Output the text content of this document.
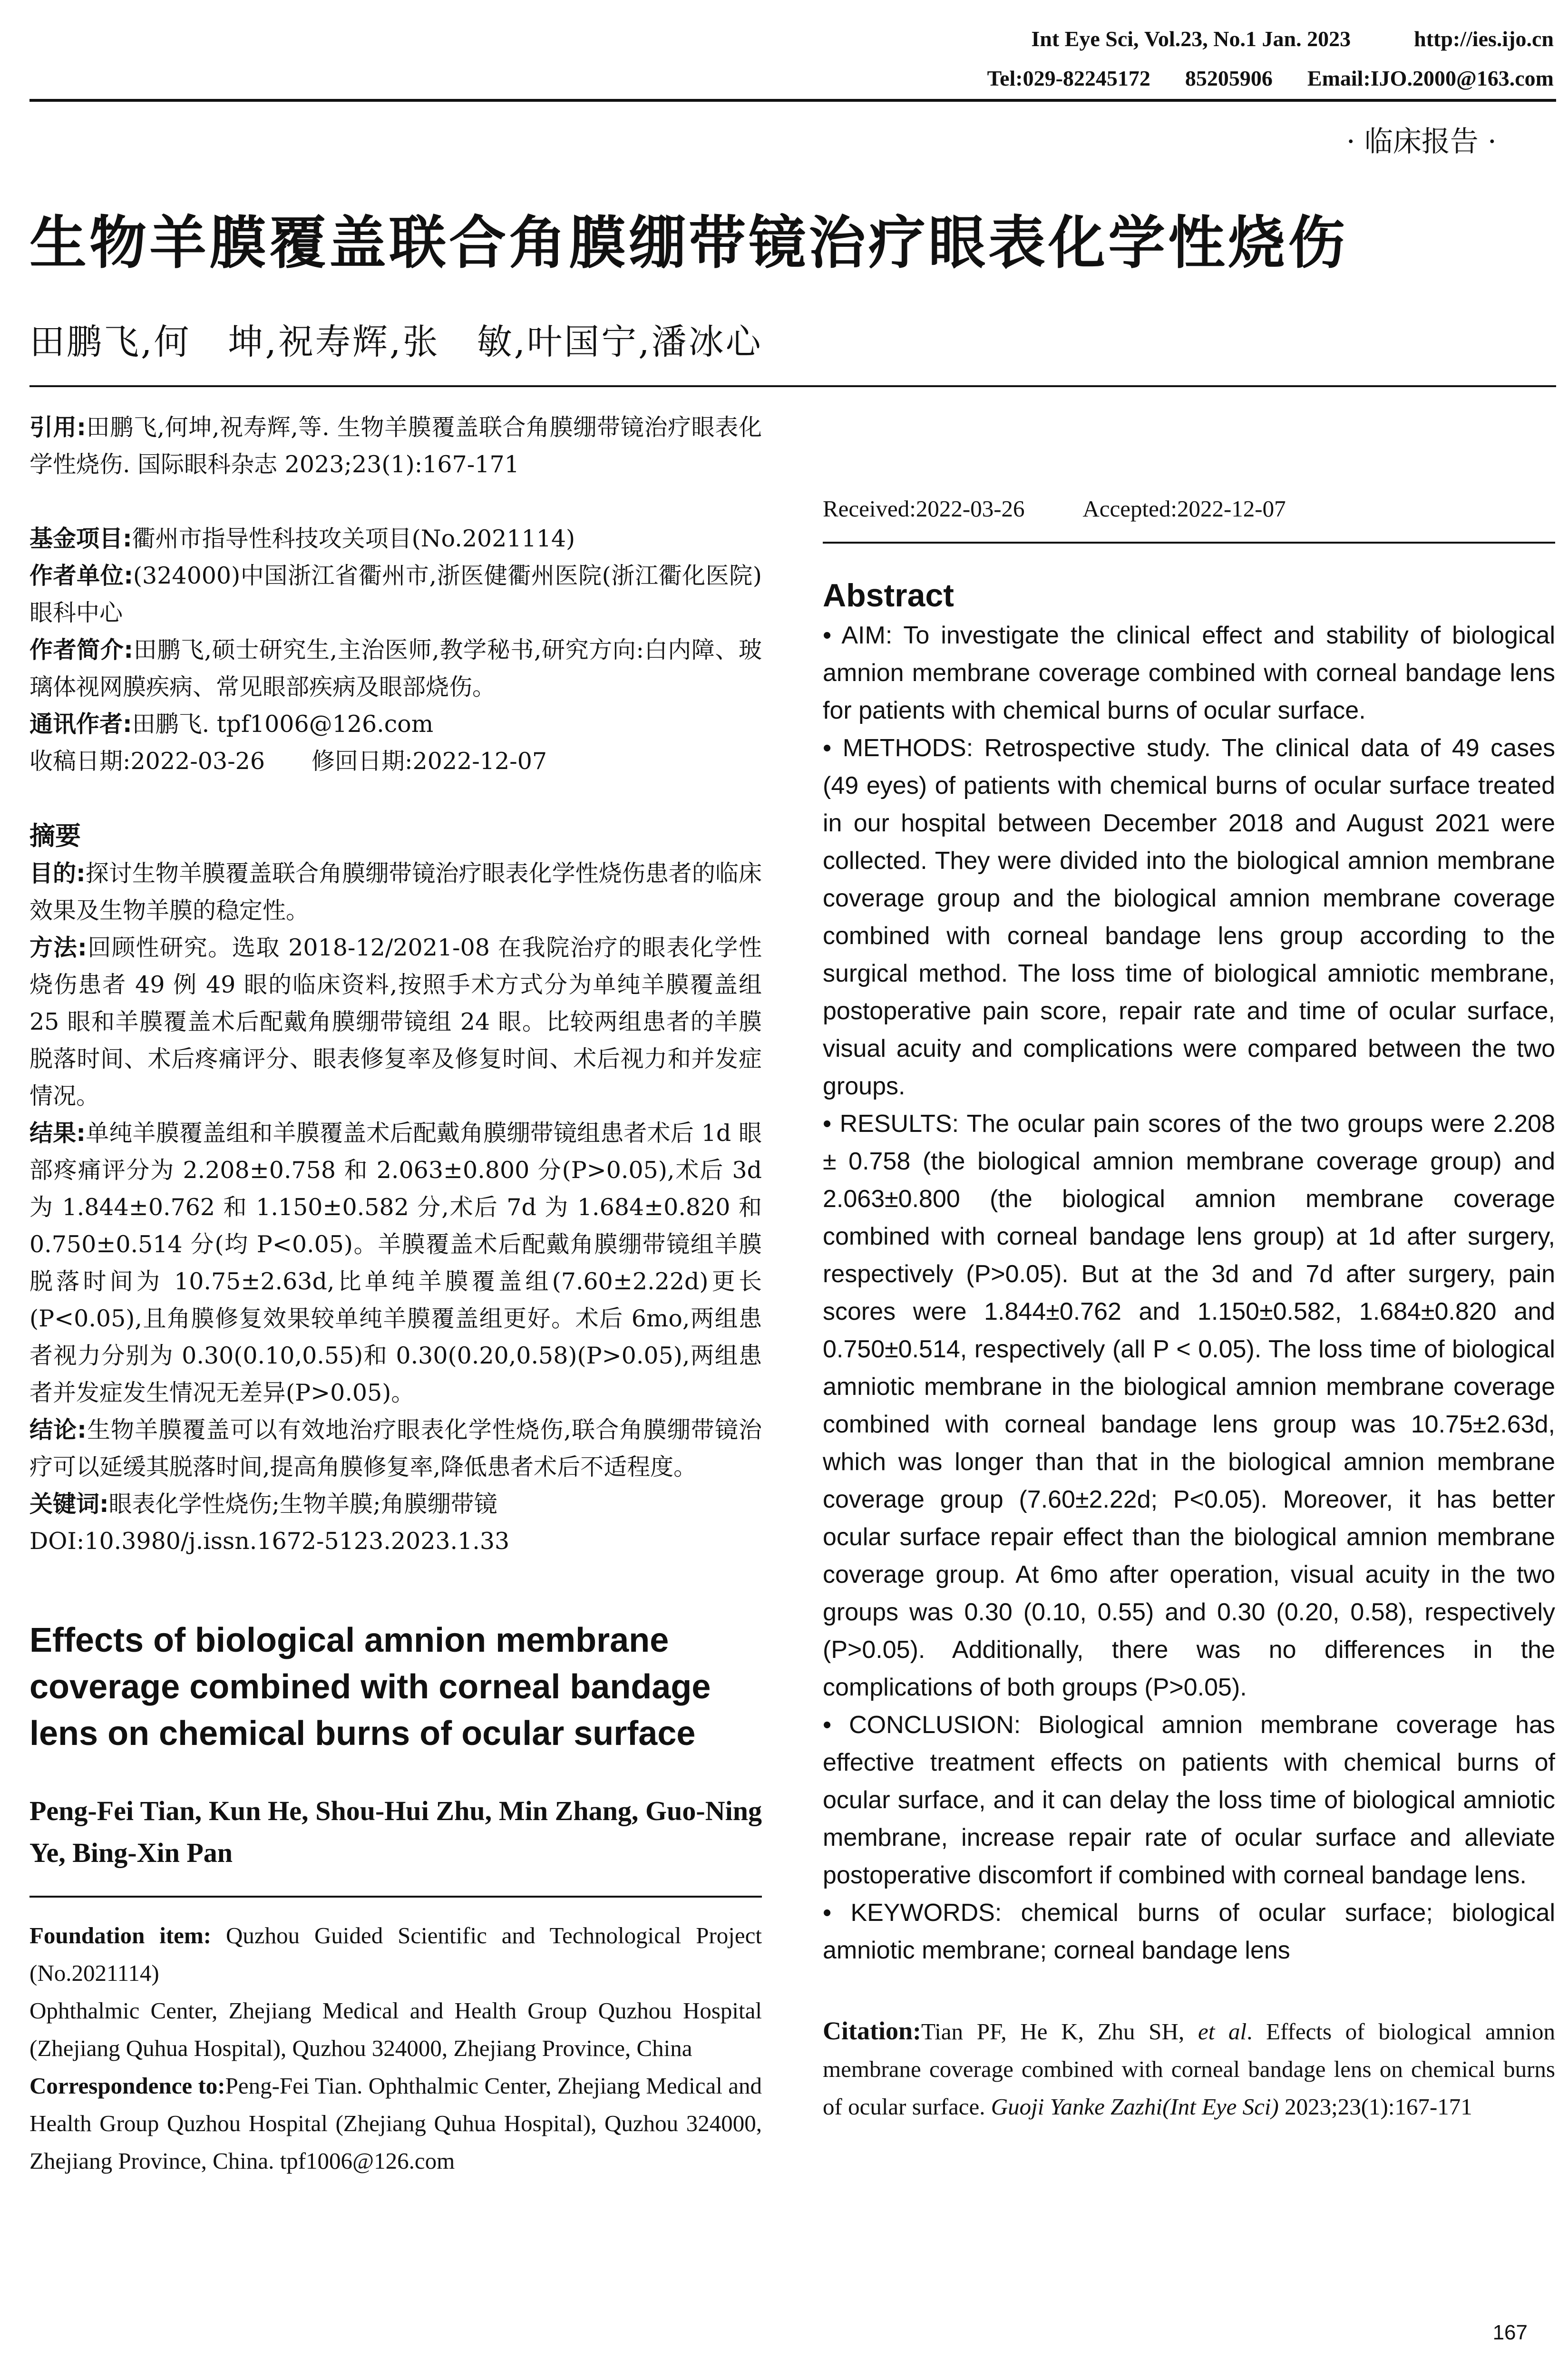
Int Eye Sci, Vol.23, No.1 Jan. 2023	http://ies.ijo.cn
Tel:029-82245172 85205906 Email:IJO.2000@163.com
· 临床报告 ·
生物羊膜覆盖联合角膜绷带镜治疗眼表化学性烧伤
田鹏飞,何　坤,祝寿辉,张　敏,叶国宁,潘冰心

引用:田鹏飞,何坤,祝寿辉,等. 生物羊膜覆盖联合角膜绷带镜治疗眼表化学性烧伤. 国际眼科杂志 2023;23(1):167-171

基金项目:衢州市指导性科技攻关项目(No.2021114)

作者单位:(324000)中国浙江省衢州市,浙医健衢州医院(浙江衢化医院)眼科中心

作者简介:田鹏飞,硕士研究生,主治医师,教学秘书,研究方向:白内障、玻璃体视网膜疾病、常见眼部疾病及眼部烧伤。

通讯作者:田鹏飞. tpf1006@126.com

收稿日期:2022-03-26　　修回日期:2022-12-07

摘要

目的:探讨生物羊膜覆盖联合角膜绷带镜治疗眼表化学性烧伤患者的临床效果及生物羊膜的稳定性。

方法:回顾性研究。选取 2018-12/2021-08 在我院治疗的眼表化学性烧伤患者 49 例 49 眼的临床资料,按照手术方式分为单纯羊膜覆盖组 25 眼和羊膜覆盖术后配戴角膜绷带镜组 24 眼。比较两组患者的羊膜脱落时间、术后疼痛评分、眼表修复率及修复时间、术后视力和并发症情况。

结果:单纯羊膜覆盖组和羊膜覆盖术后配戴角膜绷带镜组患者术后 1d 眼部疼痛评分为 2.208±0.758 和 2.063±0.800 分(P>0.05),术后 3d 为 1.844±0.762 和 1.150±0.582 分,术后 7d 为 1.684±0.820 和 0.750±0.514 分(均 P<0.05)。羊膜覆盖术后配戴角膜绷带镜组羊膜脱落时间为 10.75±2.63d,比单纯羊膜覆盖组(7.60±2.22d)更长(P<0.05),且角膜修复效果较单纯羊膜覆盖组更好。术后 6mo,两组患者视力分别为 0.30(0.10,0.55)和 0.30(0.20,0.58)(P>0.05),两组患者并发症发生情况无差异(P>0.05)。

结论:生物羊膜覆盖可以有效地治疗眼表化学性烧伤,联合角膜绷带镜治疗可以延缓其脱落时间,提高角膜修复率,降低患者术后不适程度。

关键词:眼表化学性烧伤;生物羊膜;角膜绷带镜

DOI:10.3980/j.issn.1672-5123.2023.1.33

Effects of biological amnion membrane coverage combined with corneal bandage lens on chemical burns of ocular surface

Peng-Fei Tian, Kun He, Shou-Hui Zhu, Min Zhang, Guo-Ning Ye, Bing-Xin Pan

Foundation item: Quzhou Guided Scientific and Technological Project (No.2021114)

Ophthalmic Center, Zhejiang Medical and Health Group Quzhou Hospital (Zhejiang Quhua Hospital), Quzhou 324000, Zhejiang Province, China

Correspondence to:Peng-Fei Tian. Ophthalmic Center, Zhejiang Medical and Health Group Quzhou Hospital (Zhejiang Quhua Hospital), Quzhou 324000, Zhejiang Province, China. tpf1006@126.com

Received:2022-03-26 Accepted:2022-12-07

Abstract

• AIM: To investigate the clinical effect and stability of biological amnion membrane coverage combined with corneal bandage lens for patients with chemical burns of ocular surface.

• METHODS: Retrospective study. The clinical data of 49 cases (49 eyes) of patients with chemical burns of ocular surface treated in our hospital between December 2018 and August 2021 were collected. They were divided into the biological amnion membrane coverage group and the biological amnion membrane coverage combined with corneal bandage lens group according to the surgical method. The loss time of biological amniotic membrane, postoperative pain score, repair rate and time of ocular surface, visual acuity and complications were compared between the two groups.

• RESULTS: The ocular pain scores of the two groups were 2.208 ± 0.758 (the biological amnion membrane coverage group) and 2.063±0.800 (the biological amnion membrane coverage combined with corneal bandage lens group) at 1d after surgery, respectively (P>0.05). But at the 3d and 7d after surgery, pain scores were 1.844±0.762 and 1.150±0.582, 1.684±0.820 and 0.750±0.514, respectively (all P < 0.05). The loss time of biological amniotic membrane in the biological amnion membrane coverage combined with corneal bandage lens group was 10.75±2.63d, which was longer than that in the biological amnion membrane coverage group (7.60±2.22d; P<0.05). Moreover, it has better ocular surface repair effect than the biological amnion membrane coverage group. At 6mo after operation, visual acuity in the two groups was 0.30 (0.10, 0.55) and 0.30 (0.20, 0.58), respectively (P>0.05). Additionally, there was no differences in the complications of both groups (P>0.05).

• CONCLUSION: Biological amnion membrane coverage has effective treatment effects on patients with chemical burns of ocular surface, and it can delay the loss time of biological amniotic membrane, increase repair rate of ocular surface and alleviate postoperative discomfort if combined with corneal bandage lens.

• KEYWORDS: chemical burns of ocular surface; biological amniotic membrane; corneal bandage lens

Citation:Tian PF, He K, Zhu SH, et al. Effects of biological amnion membrane coverage combined with corneal bandage lens on chemical burns of ocular surface. Guoji Yanke Zazhi(Int Eye Sci) 2023;23(1):167-171

167
